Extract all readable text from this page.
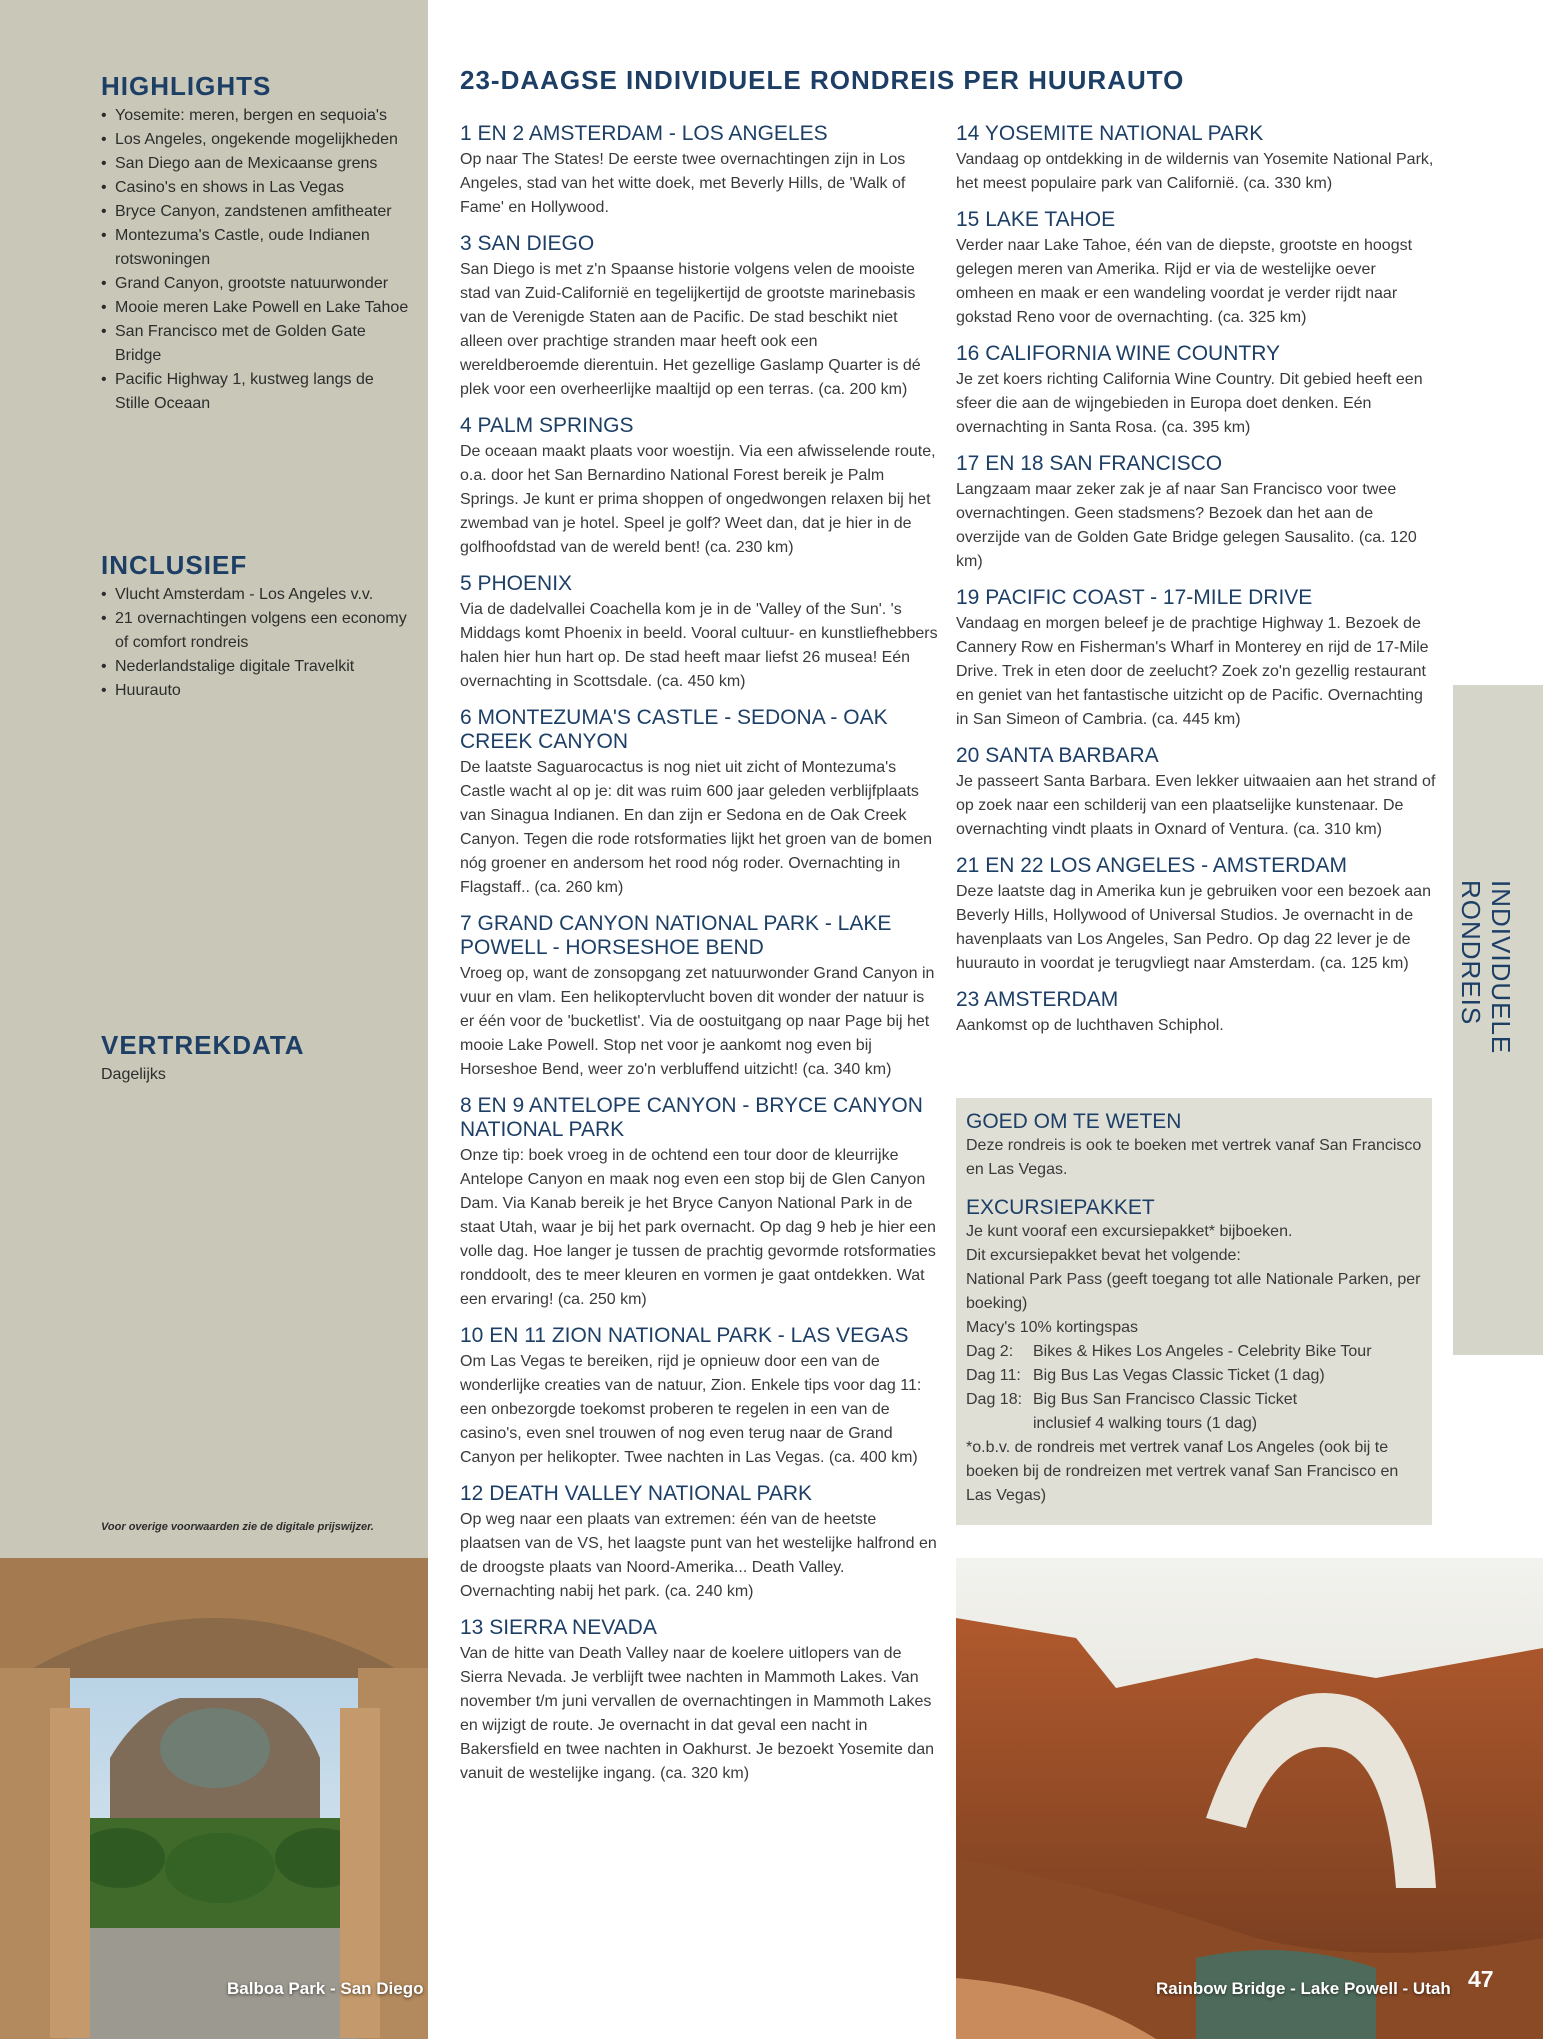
HIGHLIGHTS
• Yosemite: meren, bergen en sequoia's
• Los Angeles, ongekende mogelijkheden
• San Diego aan de Mexicaanse grens
• Casino's en shows in Las Vegas
• Bryce Canyon, zandstenen amfitheater
• Montezuma's Castle, oude Indianen rotswoningen
• Grand Canyon, grootste natuurwonder
• Mooie meren Lake Powell en Lake Tahoe
• San Francisco met de Golden Gate Bridge
• Pacific Highway 1, kustweg langs de Stille Oceaan
INCLUSIEF
• Vlucht Amsterdam - Los Angeles v.v.
• 21 overnachtingen volgens een economy of comfort rondreis
• Nederlandstalige digitale Travelkit
• Huurauto
VERTREKDATA
Dagelijks
Voor overige voorwaarden zie de digitale prijswijzer.
Balboa Park - San Diego
23-DAAGSE INDIVIDUELE RONDREIS PER HUURAUTO
1 EN 2 AMSTERDAM - LOS ANGELES

Op naar The States! De eerste twee overnachtingen zijn in Los Angeles, stad van het witte doek, met Beverly Hills, de 'Walk of Fame' en Hollywood.

3 SAN DIEGO

San Diego is met z'n Spaanse historie volgens velen de mooiste stad van Zuid-Californië en tegelijkertijd de grootste marinebasis van de Verenigde Staten aan de Pacific. De stad beschikt niet alleen over prachtige stranden maar heeft ook een wereldberoemde dierentuin. Het gezellige Gaslamp Quarter is dé plek voor een overheerlijke maaltijd op een terras. (ca. 200 km)

4 PALM SPRINGS

De oceaan maakt plaats voor woestijn. Via een afwisselende route, o.a. door het San Bernardino National Forest bereik je Palm Springs. Je kunt er prima shoppen of ongedwongen relaxen bij het zwembad van je hotel. Speel je golf? Weet dan, dat je hier in de golfhoofdstad van de wereld bent! (ca. 230 km)

5 PHOENIX

Via de dadelvallei Coachella kom je in de 'Valley of the Sun'. 's Middags komt Phoenix in beeld. Vooral cultuur- en kunstliefhebbers halen hier hun hart op. De stad heeft maar liefst 26 musea! Eén overnachting in Scottsdale. (ca. 450 km)

6 MONTEZUMA'S CASTLE - SEDONA - OAK CREEK CANYON

De laatste Saguarocactus is nog niet uit zicht of Montezuma's Castle wacht al op je: dit was ruim 600 jaar geleden verblijfplaats van Sinagua Indianen. En dan zijn er Sedona en de Oak Creek Canyon. Tegen die rode rotsformaties lijkt het groen van de bomen nóg groener en andersom het rood nóg roder. Overnachting in Flagstaff.. (ca. 260 km)

7 GRAND CANYON NATIONAL PARK - LAKE POWELL - HORSESHOE BEND

Vroeg op, want de zonsopgang zet natuurwonder Grand Canyon in vuur en vlam. Een helikoptervlucht boven dit wonder der natuur is er één voor de 'bucketlist'. Via de oostuitgang op naar Page bij het mooie Lake Powell. Stop net voor je aankomt nog even bij Horseshoe Bend, weer zo'n verbluffend uitzicht! (ca. 340 km)

8 EN 9 ANTELOPE CANYON - BRYCE CANYON NATIONAL PARK

Onze tip: boek vroeg in de ochtend een tour door de kleurrijke Antelope Canyon en maak nog even een stop bij de Glen Canyon Dam. Via Kanab bereik je het Bryce Canyon National Park in de staat Utah, waar je bij het park overnacht. Op dag 9 heb je hier een volle dag. Hoe langer je tussen de prachtig gevormde rotsformaties ronddoolt, des te meer kleuren en vormen je gaat ontdekken. Wat een ervaring! (ca. 250 km)

10 EN 11 ZION NATIONAL PARK - LAS VEGAS

Om Las Vegas te bereiken, rijd je opnieuw door een van de wonderlijke creaties van de natuur, Zion. Enkele tips voor dag 11: een onbezorgde toekomst proberen te regelen in een van de casino's, even snel trouwen of nog even terug naar de Grand Canyon per helikopter. Twee nachten in Las Vegas. (ca. 400 km)

12 DEATH VALLEY NATIONAL PARK

Op weg naar een plaats van extremen: één van de heetste plaatsen van de VS, het laagste punt van het westelijke halfrond en de droogste plaats van Noord-Amerika... Death Valley. Overnachting nabij het park. (ca. 240 km)

13 SIERRA NEVADA

Van de hitte van Death Valley naar de koelere uitlopers van de Sierra Nevada. Je verblijft twee nachten in Mammoth Lakes. Van november t/m juni vervallen de overnachtingen in Mammoth Lakes en wijzigt de route. Je overnacht in dat geval een nacht in Bakersfield en twee nachten in Oakhurst. Je bezoekt Yosemite dan vanuit de westelijke ingang. (ca. 320 km)

14 YOSEMITE NATIONAL PARK

Vandaag op ontdekking in de wildernis van Yosemite National Park, het meest populaire park van Californië. (ca. 330 km)

15 LAKE TAHOE

Verder naar Lake Tahoe, één van de diepste, grootste en hoogst gelegen meren van Amerika. Rijd er via de westelijke oever omheen en maak er een wandeling voordat je verder rijdt naar gokstad Reno voor de overnachting. (ca. 325 km)

16 CALIFORNIA WINE COUNTRY

Je zet koers richting California Wine Country. Dit gebied heeft een sfeer die aan de wijngebieden in Europa doet denken. Eén overnachting in Santa Rosa. (ca. 395 km)

17 EN 18 SAN FRANCISCO

Langzaam maar zeker zak je af naar San Francisco voor twee overnachtingen. Geen stadsmens? Bezoek dan het aan de overzijde van de Golden Gate Bridge gelegen Sausalito. (ca. 120 km)

19 PACIFIC COAST - 17-MILE DRIVE

Vandaag en morgen beleef je de prachtige Highway 1. Bezoek de Cannery Row en Fisherman's Wharf in Monterey en rijd de 17-Mile Drive. Trek in eten door de zeelucht? Zoek zo'n gezellig restaurant en geniet van het fantastische uitzicht op de Pacific. Overnachting in San Simeon of Cambria. (ca. 445 km)

20 SANTA BARBARA

Je passeert Santa Barbara. Even lekker uitwaaien aan het strand of op zoek naar een schilderij van een plaatselijke kunstenaar. De overnachting vindt plaats in Oxnard of Ventura. (ca. 310 km)

21 EN 22 LOS ANGELES - AMSTERDAM

Deze laatste dag in Amerika kun je gebruiken voor een bezoek aan Beverly Hills, Hollywood of Universal Studios. Je overnacht in de havenplaats van Los Angeles, San Pedro. Op dag 22 lever je de huurauto in voordat je terugvliegt naar Amsterdam. (ca. 125 km)

23 AMSTERDAM

Aankomst op de luchthaven Schiphol.

GOED OM TE WETEN

Deze rondreis is ook te boeken met vertrek vanaf San Francisco en Las Vegas.

EXCURSIEPAKKET

Je kunt vooraf een excursiepakket* bijboeken.

Dit excursiepakket bevat het volgende:

National Park Pass (geeft toegang tot alle Nationale Parken, per boeking)

Macy's 10% kortingspas

Dag 2:	Bikes & Hikes Los Angeles - Celebrity Bike Tour
Dag 11: Big Bus Las Vegas Classic Ticket (1 dag)
Dag 18: Big Bus San Francisco Classic Ticket inclusief 4 walking tours (1 dag)

*o.b.v. de rondreis met vertrek vanaf Los Angeles (ook bij te boeken bij de rondreizen met vertrek vanaf San Francisco en Las Vegas)

INDIVIDUELE RONDREIS
Rainbow Bridge - Lake Powell - Utah 47
